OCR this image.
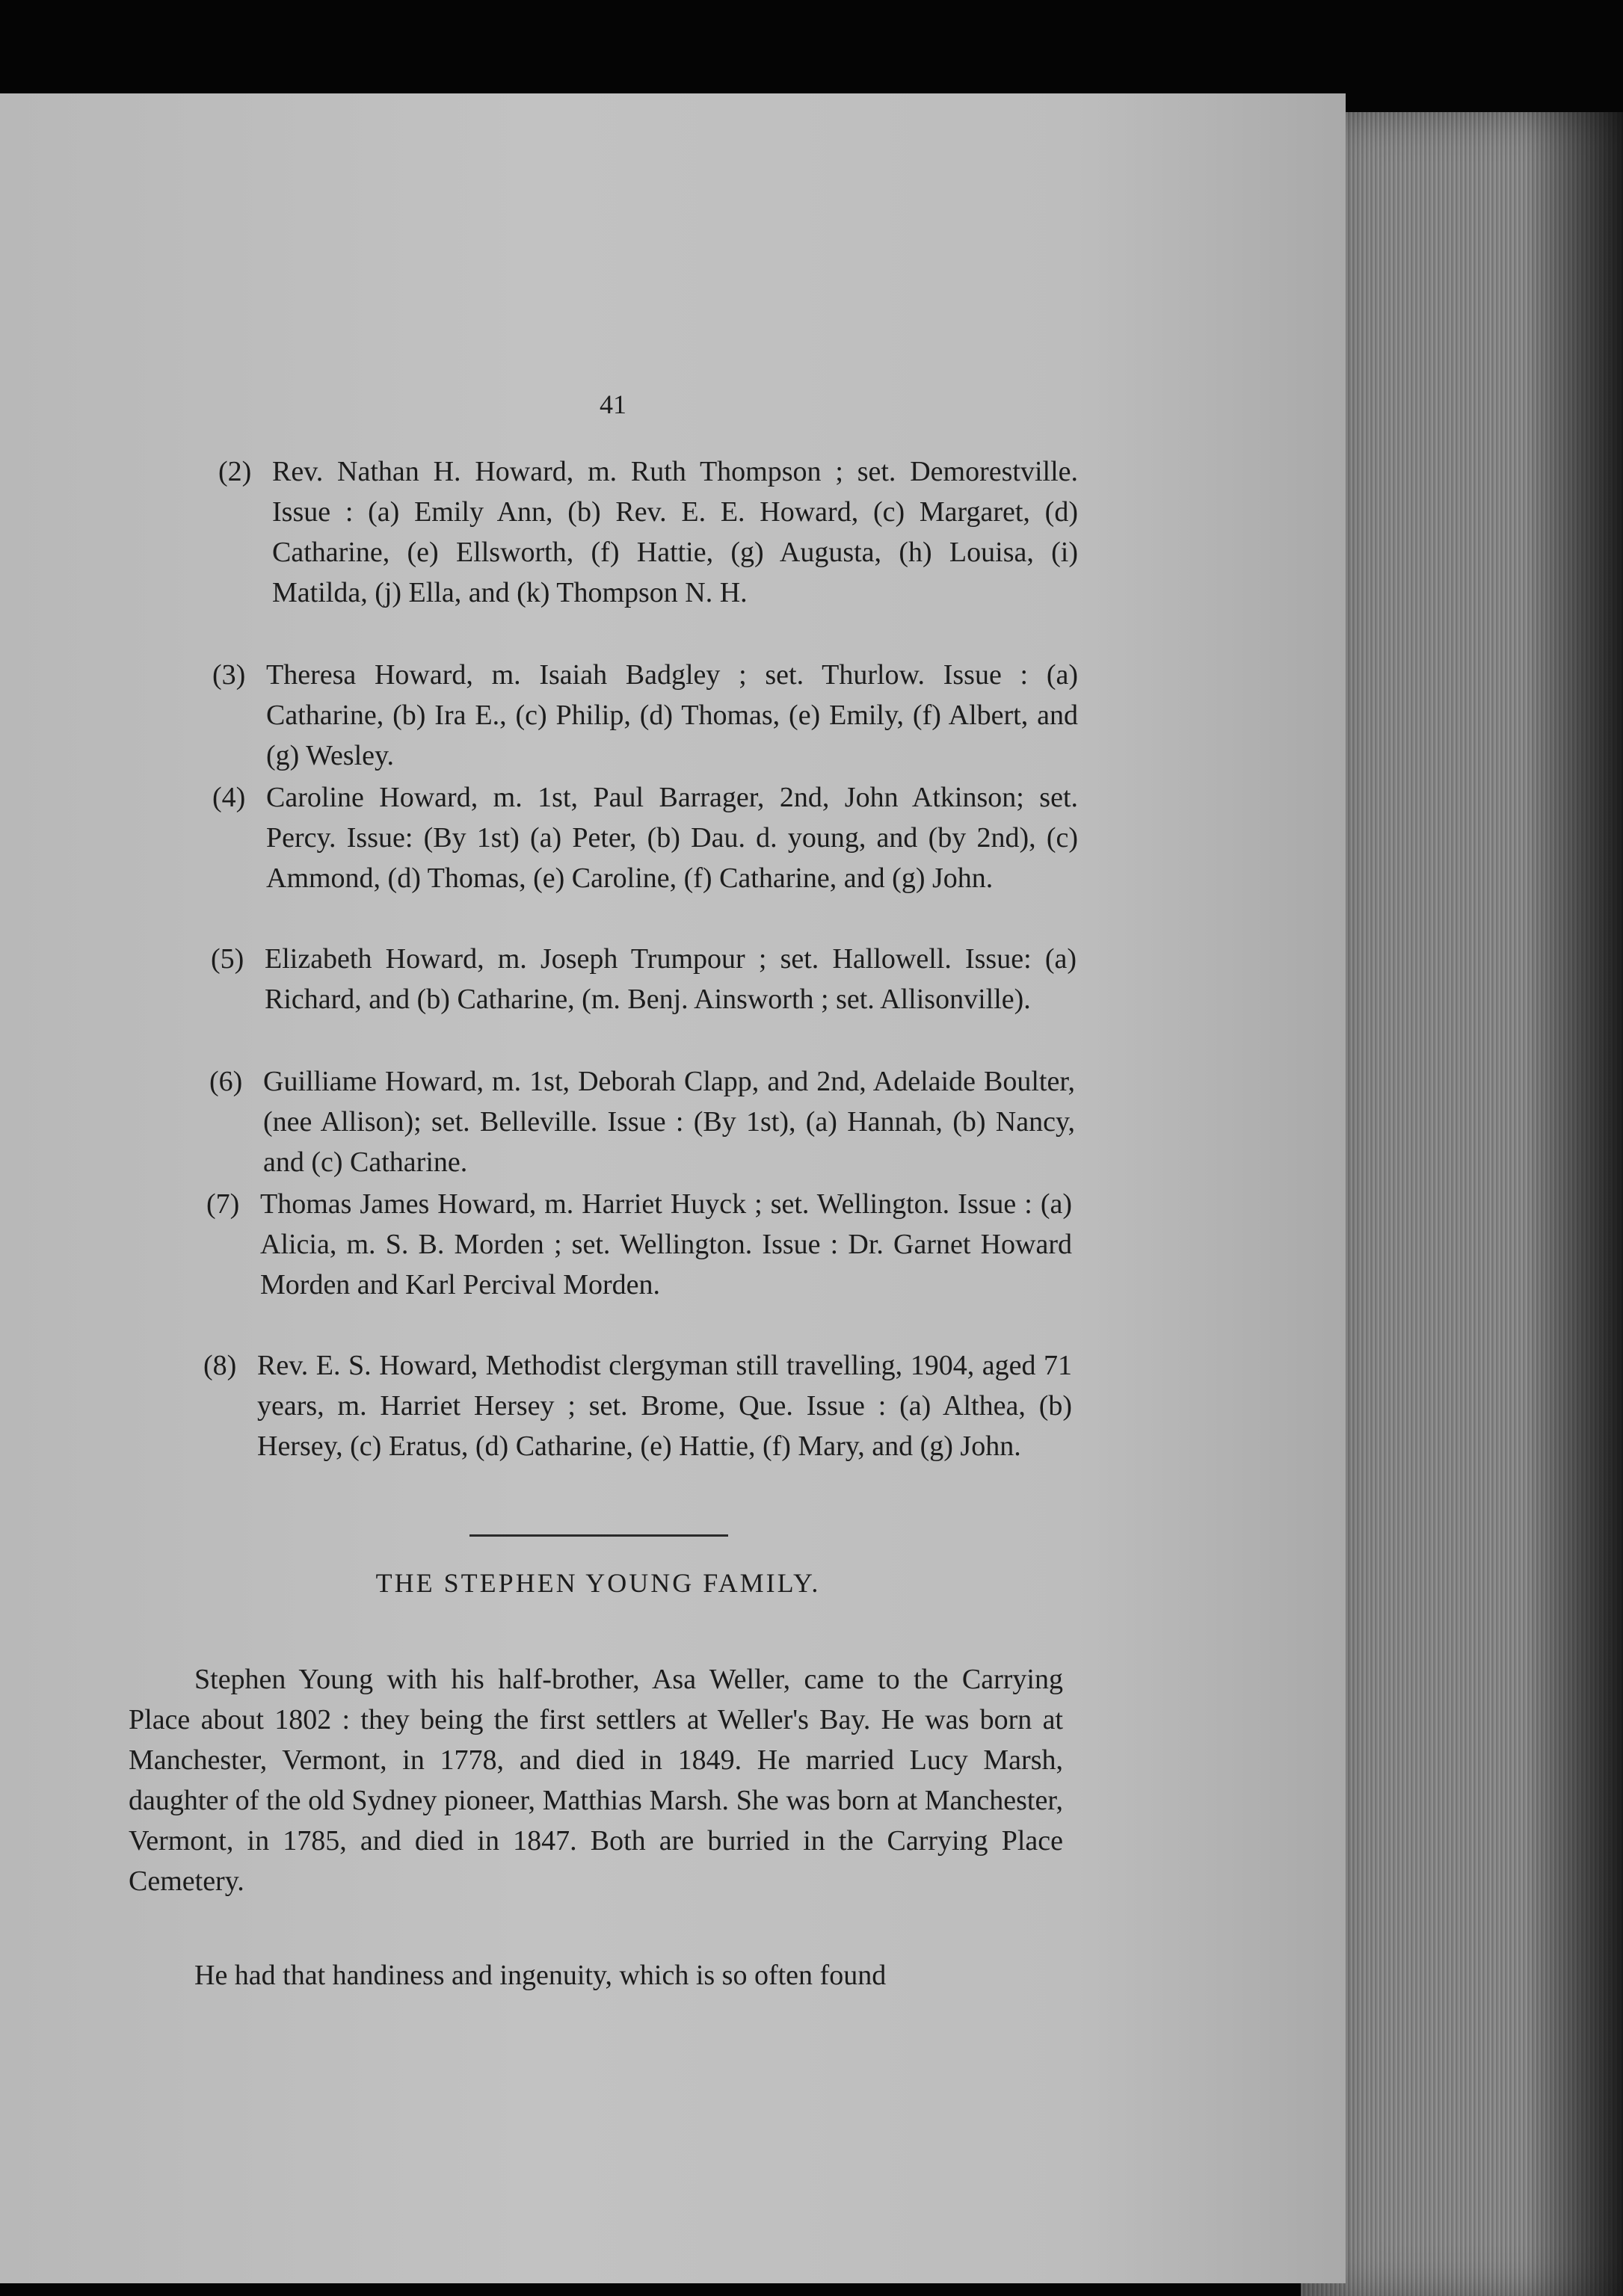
41
(2) Rev. Nathan H. Howard, m. Ruth Thompson ; set. Demorestville. Issue : (a) Emily Ann, (b) Rev. E. E. Howard, (c) Margaret, (d) Catharine, (e) Ellsworth, (f) Hattie, (g) Augusta, (h) Louisa, (i) Matilda, (j) Ella, and (k) Thompson N. H.
(3) Theresa Howard, m. Isaiah Badgley ; set. Thurlow. Issue : (a) Catharine, (b) Ira E., (c) Philip, (d) Thomas, (e) Emily, (f) Albert, and (g) Wesley.
(4) Caroline Howard, m. 1st, Paul Barrager, 2nd, John Atkinson; set. Percy. Issue: (By 1st) (a) Peter, (b) Dau. d. young, and (by 2nd), (c) Ammond, (d) Thomas, (e) Caroline, (f) Catharine, and (g) John.
(5) Elizabeth Howard, m. Joseph Trumpour ; set. Hallowell. Issue: (a) Richard, and (b) Catharine, (m. Benj. Ainsworth ; set. Allisonville).
(6) Guilliame Howard, m. 1st, Deborah Clapp, and 2nd, Adelaide Boulter, (nee Allison); set. Belleville. Issue : (By 1st), (a) Hannah, (b) Nancy, and (c) Catharine.
(7) Thomas James Howard, m. Harriet Huyck ; set. Wellington. Issue : (a) Alicia, m. S. B. Morden ; set. Wellington. Issue : Dr. Garnet Howard Morden and Karl Percival Morden.
(8) Rev. E. S. Howard, Methodist clergyman still travelling, 1904, aged 71 years, m. Harriet Hersey ; set. Brome, Que. Issue : (a) Althea, (b) Hersey, (c) Eratus, (d) Catharine, (e) Hattie, (f) Mary, and (g) John.
THE STEPHEN YOUNG FAMILY.
Stephen Young with his half-brother, Asa Weller, came to the Carrying Place about 1802 : they being the first settlers at Weller's Bay. He was born at Manchester, Vermont, in 1778, and died in 1849. He married Lucy Marsh, daughter of the old Sydney pioneer, Matthias Marsh. She was born at Manchester, Vermont, in 1785, and died in 1847. Both are burried in the Carrying Place Cemetery.
He had that handiness and ingenuity, which is so often found
